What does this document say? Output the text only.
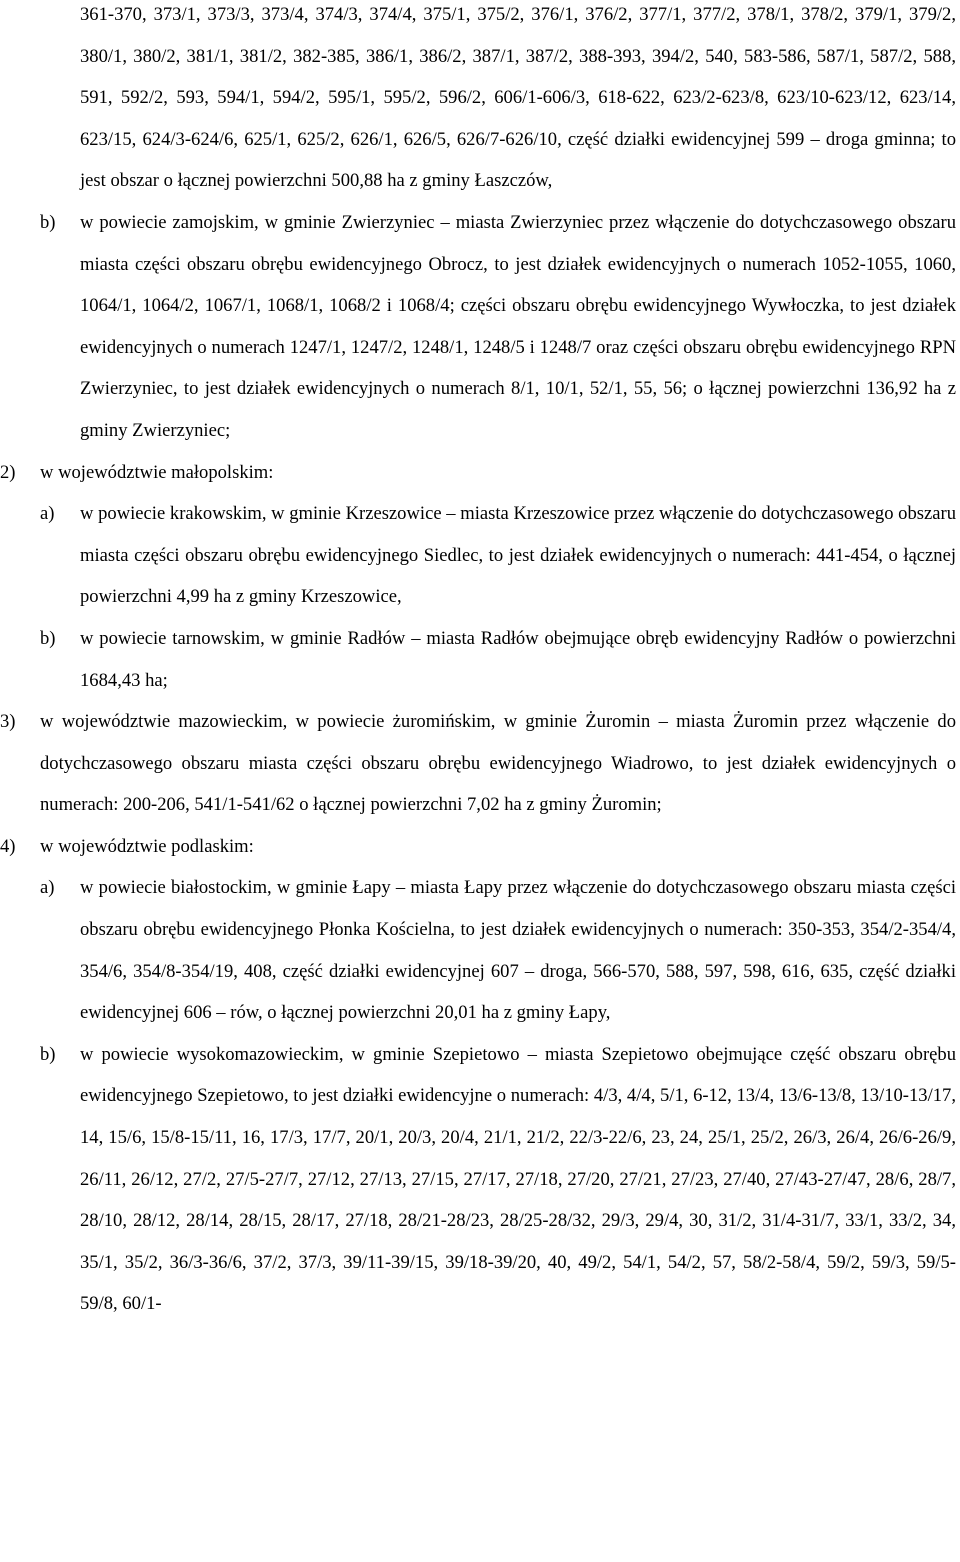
361-370, 373/1, 373/3, 373/4, 374/3, 374/4, 375/1, 375/2, 376/1, 376/2, 377/1, 377/2, 378/1, 378/2, 379/1, 379/2, 380/1, 380/2, 381/1, 381/2, 382-385, 386/1, 386/2, 387/1, 387/2, 388-393, 394/2, 540, 583-586, 587/1, 587/2, 588, 591, 592/2, 593, 594/1, 594/2, 595/1, 595/2, 596/2, 606/1-606/3, 618-622, 623/2-623/8, 623/10-623/12, 623/14, 623/15, 624/3-624/6, 625/1, 625/2, 626/1, 626/5, 626/7-626/10, część działki ewidencyjnej 599 – droga gminna; to jest obszar o łącznej powierzchni 500,88 ha z gminy Łaszczów,
b) w powiecie zamojskim, w gminie Zwierzyniec – miasta Zwierzyniec przez włączenie do dotychczasowego obszaru miasta części obszaru obrębu ewidencyjnego Obrocz, to jest działek ewidencyjnych o numerach 1052-1055, 1060, 1064/1, 1064/2, 1067/1, 1068/1, 1068/2 i 1068/4; części obszaru obrębu ewidencyjnego Wywłoczka, to jest działek ewidencyjnych o numerach 1247/1, 1247/2, 1248/1, 1248/5 i 1248/7 oraz części obszaru obrębu ewidencyjnego RPN Zwierzyniec, to jest działek ewidencyjnych o numerach 8/1, 10/1, 52/1, 55, 56; o łącznej powierzchni 136,92 ha z gminy Zwierzyniec;
2) w województwie małopolskim:
a) w powiecie krakowskim, w gminie Krzeszowice – miasta Krzeszowice przez włączenie do dotychczasowego obszaru miasta części obszaru obrębu ewidencyjnego Siedlec, to jest działek ewidencyjnych o numerach: 441-454, o łącznej powierzchni 4,99 ha z gminy Krzeszowice,
b) w powiecie tarnowskim, w gminie Radłów – miasta Radłów obejmujące obręb ewidencyjny Radłów o powierzchni 1684,43 ha;
3) w województwie mazowieckim, w powiecie żuromińskim, w gminie Żuromin – miasta Żuromin przez włączenie do dotychczasowego obszaru miasta części obszaru obrębu ewidencyjnego Wiadrowo, to jest działek ewidencyjnych o numerach: 200-206, 541/1-541/62 o łącznej powierzchni 7,02 ha z gminy Żuromin;
4) w województwie podlaskim:
a) w powiecie białostockim, w gminie Łapy – miasta Łapy przez włączenie do dotychczasowego obszaru miasta części obszaru obrębu ewidencyjnego Płonka Kościelna, to jest działek ewidencyjnych o numerach: 350-353, 354/2-354/4, 354/6, 354/8-354/19, 408, część działki ewidencyjnej 607 – droga, 566-570, 588, 597, 598, 616, 635, część działki ewidencyjnej 606 – rów, o łącznej powierzchni 20,01 ha z gminy Łapy,
b) w powiecie wysokomazowieckim, w gminie Szepietowo – miasta Szepietowo obejmujące część obszaru obrębu ewidencyjnego Szepietowo, to jest działki ewidencyjne o numerach: 4/3, 4/4, 5/1, 6-12, 13/4, 13/6-13/8, 13/10-13/17, 14, 15/6, 15/8-15/11, 16, 17/3, 17/7, 20/1, 20/3, 20/4, 21/1, 21/2, 22/3-22/6, 23, 24, 25/1, 25/2, 26/3, 26/4, 26/6-26/9, 26/11, 26/12, 27/2, 27/5-27/7, 27/12, 27/13, 27/15, 27/17, 27/18, 27/20, 27/21, 27/23, 27/40, 27/43-27/47, 28/6, 28/7, 28/10, 28/12, 28/14, 28/15, 28/17, 27/18, 28/21-28/23, 28/25-28/32, 29/3, 29/4, 30, 31/2, 31/4-31/7, 33/1, 33/2, 34, 35/1, 35/2, 36/3-36/6, 37/2, 37/3, 39/11-39/15, 39/18-39/20, 40, 49/2, 54/1, 54/2, 57, 58/2-58/4, 59/2, 59/3, 59/5-59/8, 60/1-
